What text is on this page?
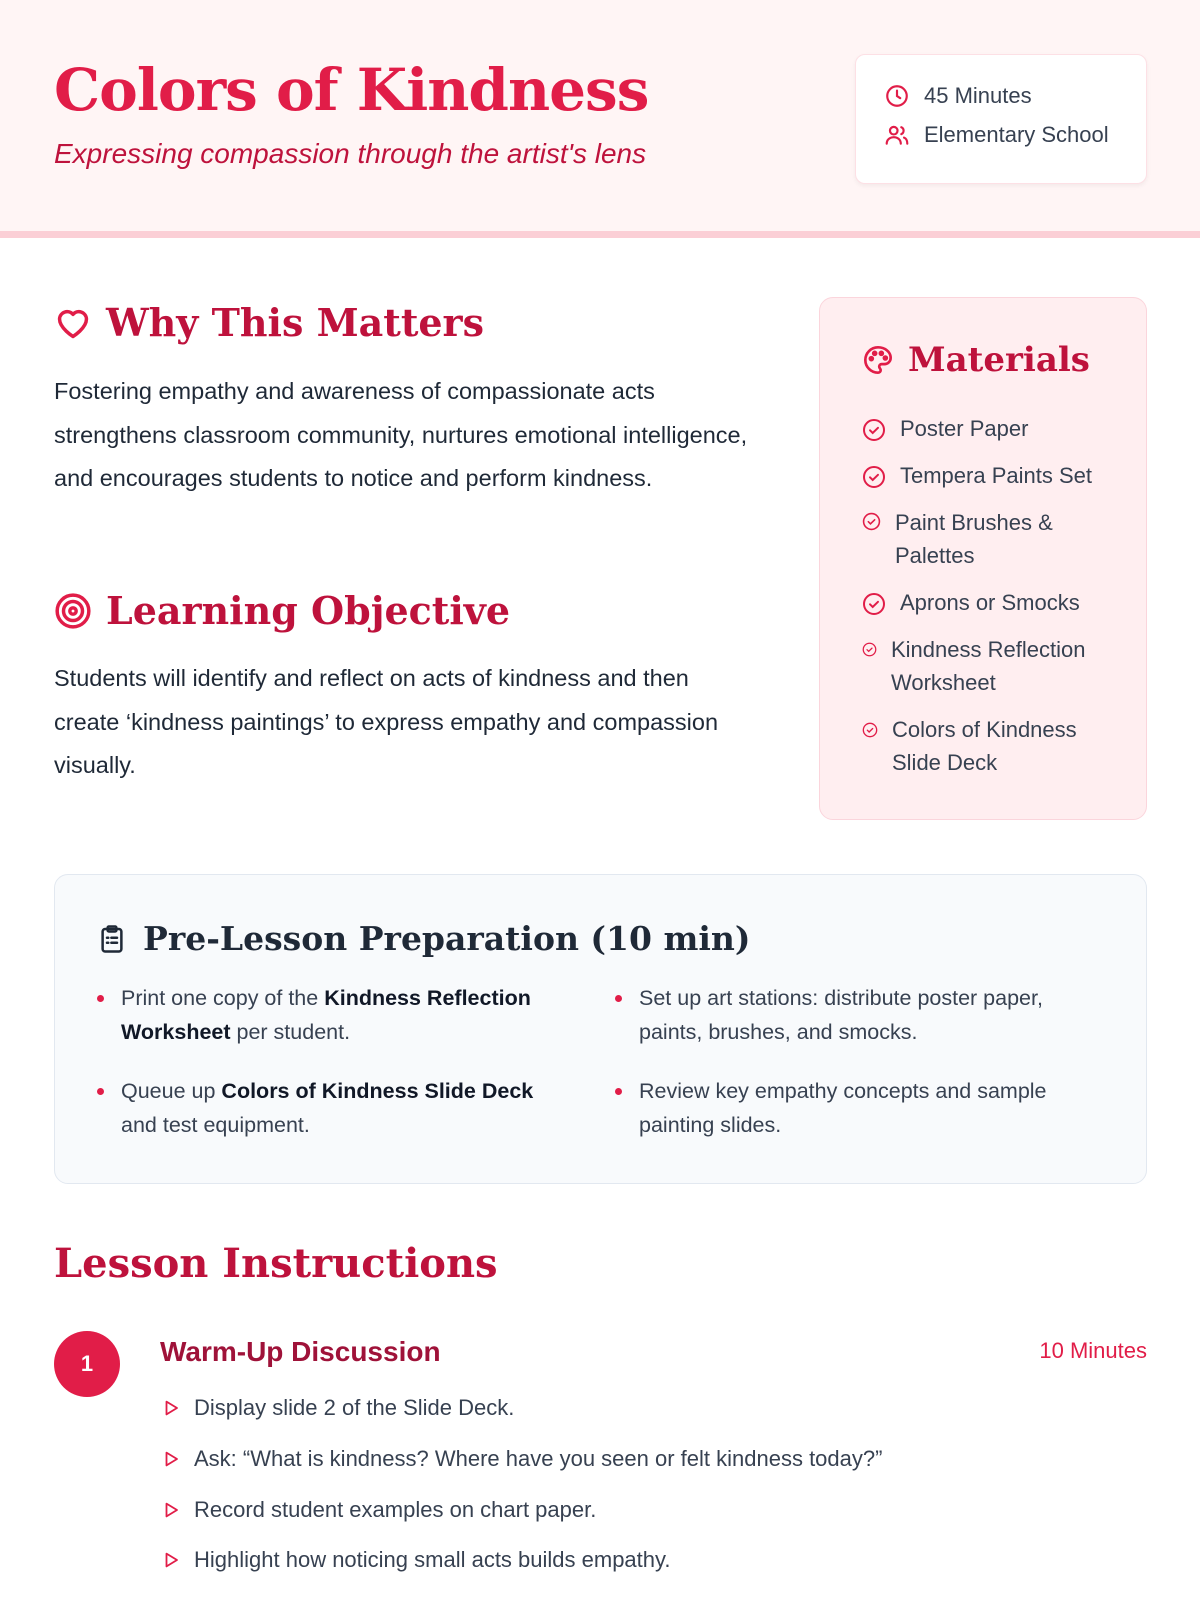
Colors of Kindness
Expressing compassion through the artist's lens
45 Minutes
Elementary School
Why This Matters
Fostering empathy and awareness of compassionate acts strengthens classroom community, nurtures emotional intelligence, and encourages students to notice and perform kindness.
Learning Objective
Students will identify and reflect on acts of kindness and then create ‘kindness paintings’ to express empathy and compassion visually.
Materials
Poster Paper
Tempera Paints Set
Paint Brushes & Palettes
Aprons or Smocks
Kindness Reflection Worksheet
Colors of Kindness Slide Deck
Pre-Lesson Preparation (10 min)
Print one copy of the Kindness Reflection Worksheet per student.
Set up art stations: distribute poster paper, paints, brushes, and smocks.
Queue up Colors of Kindness Slide Deck and test equipment.
Review key empathy concepts and sample painting slides.
Lesson Instructions
1	Warm-Up Discussion	10 Minutes
Display slide 2 of the Slide Deck.
Ask: “What is kindness? Where have you seen or felt kindness today?”
Record student examples on chart paper.
Highlight how noticing small acts builds empathy.
